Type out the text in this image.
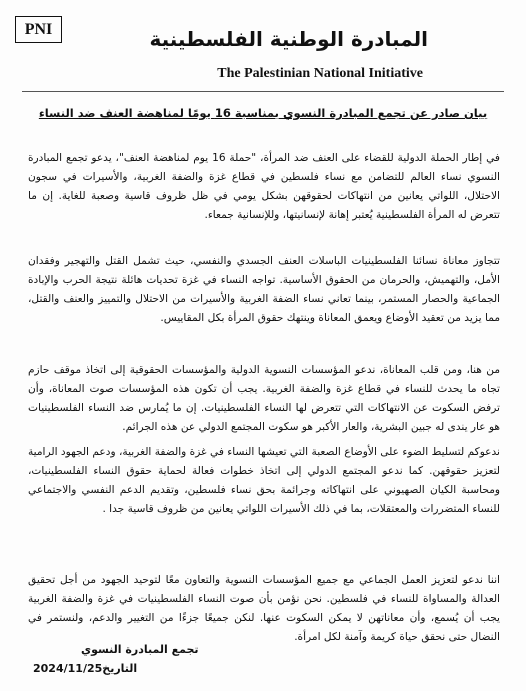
PNI	المبادرة الوطنية الفلسطينية
The Palestinian National Initiative
بيان صادر عن تجمع المبادرة النسوي بمناسبة 16 يومًا لمناهضة العنف ضد النساء
في إطار الحملة الدولية للقضاء على العنف ضد المرأة، "حملة 16 يوم لمناهضة العنف"، يدعو تجمع المبادرة النسوي نساء العالم للتضامن مع نساء فلسطين في قطاع غزة والضفة الغربية، والأسيرات في سجون الاحتلال، اللواتي يعانين من انتهاكات لحقوقهن بشكل يومي في ظل ظروف قاسية وصعبة للغاية. إن ما تتعرض له المرأة الفلسطينية يُعتبر إهانة لإنسانيتها، وللإنسانية جمعاء.
تتجاوز معاناة نسائنا الفلسطينيات الباسلات العنف الجسدي والنفسي، حيث تشمل القتل والتهجير وفقدان الأمل، والتهميش، والحرمان من الحقوق الأساسية. تواجه النساء في غزة تحديات هائلة نتيجة الحرب والإبادة الجماعية والحصار المستمر، بينما تعاني نساء الضفة الغربية والأسيرات من الاحتلال والتمييز والعنف والقتل، مما يزيد من تعقيد الأوضاع ويعمق المعاناة وينتهك حقوق المرأة بكل المقاييس.
من هنا، ومن قلب المعاناة، ندعو المؤسسات النسوية الدولية والمؤسسات الحقوقية إلى اتخاذ موقف حازم تجاه ما يحدث للنساء في قطاع غزة والضفة الغربية. يجب أن تكون هذه المؤسسات صوت المعاناة، وأن ترفض السكوت عن الانتهاكات التي تتعرض لها النساء الفلسطينيات. إن ما يُمارس ضد النساء الفلسطينيات هو عار يندى له جبين البشرية، والعار الأكبر هو سكوت المجتمع الدولي عن هذه الجرائم.
ندعوكم لتسليط الضوء على الأوضاع الصعبة التي تعيشها النساء في غزة والضفة الغربية، ودعم الجهود الرامية لتعزيز حقوقهن. كما ندعو المجتمع الدولي إلى اتخاذ خطوات فعالة لحماية حقوق النساء الفلسطينيات، ومحاسبة الكيان الصهيوني على انتهاكاته وجرائمة بحق نساء فلسطين، وتقديم الدعم النفسي والاجتماعي للنساء المتضررات والمعتقلات، بما في ذلك الأسيرات اللواتي يعانين من ظروف قاسية جدا .
اننا ندعو لتعزيز العمل الجماعي مع جميع المؤسسات النسوية والتعاون معًا لتوحيد الجهود من أجل تحقيق العدالة والمساواة للنساء في فلسطين. نحن نؤمن بأن صوت النساء الفلسطينيات في غزة والضفة الغربية يجب أن يُسمع، وأن معاناتهن لا يمكن السكوت عنها. لنكن جميعًا جزءًا من التغيير والدعم، ولنستمر في النضال حتى نحقق حياة كريمة وآمنة لكل امرأة.
تجمع المبادرة النسوي
التاريخ2024/11/25
